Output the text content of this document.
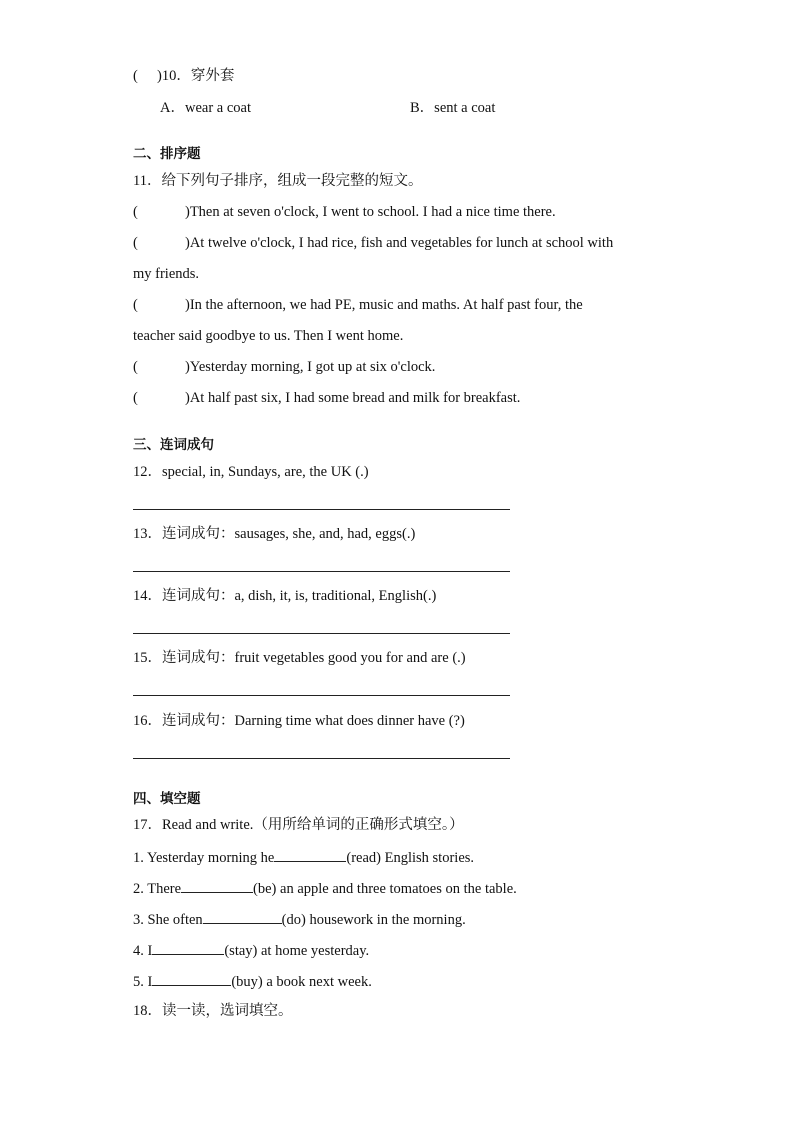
( )10．穿外套
A．wear a coat	B．sent a coat
二、排序题
11．给下列句子排序，组成一段完整的短文。
(	)Then at seven o'clock, I went to school. I had a nice time there.
(	)At twelve o'clock, I had rice, fish and vegetables for lunch at school with
my friends.
(	)In the afternoon, we had PE, music and maths. At half past four, the
teacher said goodbye to us. Then I went home.
(	)Yesterday morning, I got up at six o'clock.
(	)At half past six, I had some bread and milk for breakfast.
三、连词成句
12．special, in, Sundays, are, the UK (.)
13．连词成句：sausages, she, and, had, eggs(.)
14．连词成句：a, dish, it, is, traditional, English(.)
15．连词成句：fruit vegetables good you for and are (.)
16．连词成句：Darning time what does dinner have (?)
四、填空题
17．Read and write.（用所给单词的正确形式填空。）
1. Yesterday morning he	(read) English stories.
2. There	(be) an apple and three tomatoes on the table.
3. She often	(do) housework in the morning.
4. I	(stay) at home yesterday.
5. I	(buy) a book next week.
18．读一读，选词填空。
